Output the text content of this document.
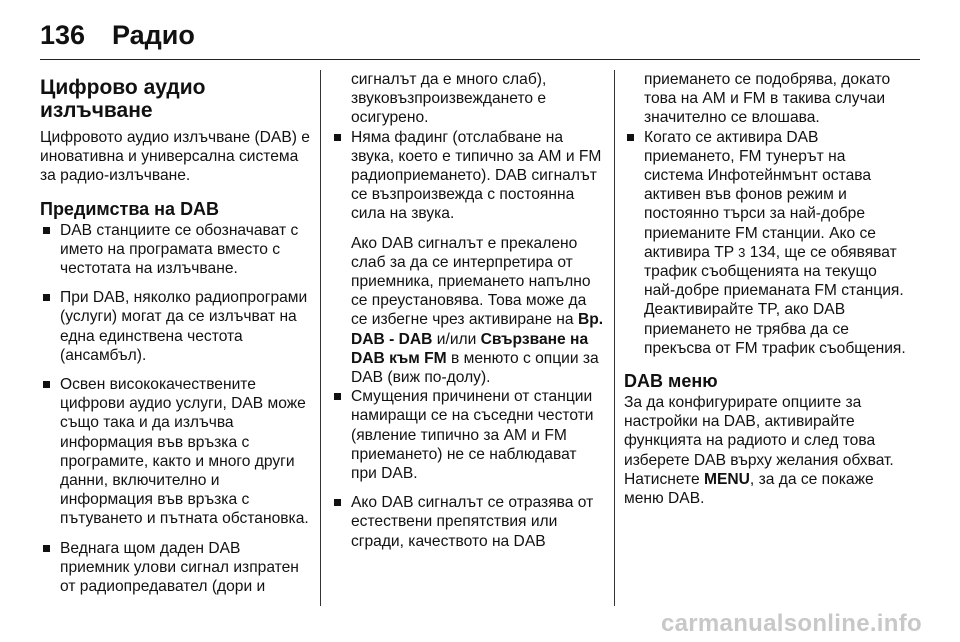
136 Радио
Цифрово аудио
излъчване

Цифровото аудио излъчване (DAB) е иновативна и универсална система за радио-излъчване.

Предимства на DAB
DAB станциите се обозначават с името на програмата вместо с честотата на излъчване.
При DAB, няколко радиопрограми (услуги) могат да се излъчват на една единствена честота (ансамбъл).
Освен висококачествените цифрови аудио услуги, DAB може също така и да излъчва информация във връзка с програмите, както и много други данни, включително и информация във връзка с пътуването и пътната обстановка.
Веднага щом даден DAB приемник улови сигнал изпратен от радиопредавател (дори и

сигналът да е много слаб), звуковъзпроизвеждането е осигурено.

Няма фадинг (отслабване на звука, което е типично за AM и FM радиоприемането). DAB сигналът се възпроизвежда с постоянна сила на звука.

Ако DAB сигналът е прекалено слаб за да се интерпретира от приемника, приемането напълно се преустановява. Това може да се избегне чрез активиране на Вр. DAB - DAB и/или Свързване на DAB към FM в менюто с опции за DAB (виж по-долу).

Смущения причинени от станции намиращи се на съседни честоти (явление типично за AM и FM приемането) не се наблюдават при DAB.
Ако DAB сигналът се отразява от естествени препятствия или сгради, качеството на DAB

приемането се подобрява, докато това на AM и FM в такива случаи значително се влошава.

Когато се активира DAB приемането, FM тунерът на система Инфотейнмънт остава активен във фонов режим и постоянно търси за най-добре приеманите FM станции. Ако се активира TP 3 134, ще се обявяват трафик съобщенията на текущо най-добре приеманата FM станция. Деактивирайте TP, ако DAB приемането не трябва да се прекъсва от FM трафик съобщения.
DAB меню

За да конфигурирате опциите за настройки на DAB, активирайте функцията на радиото и след това изберете DAB върху желания обхват. Натиснете MENU, за да се покаже меню DAB.

carmanualsonline.info
